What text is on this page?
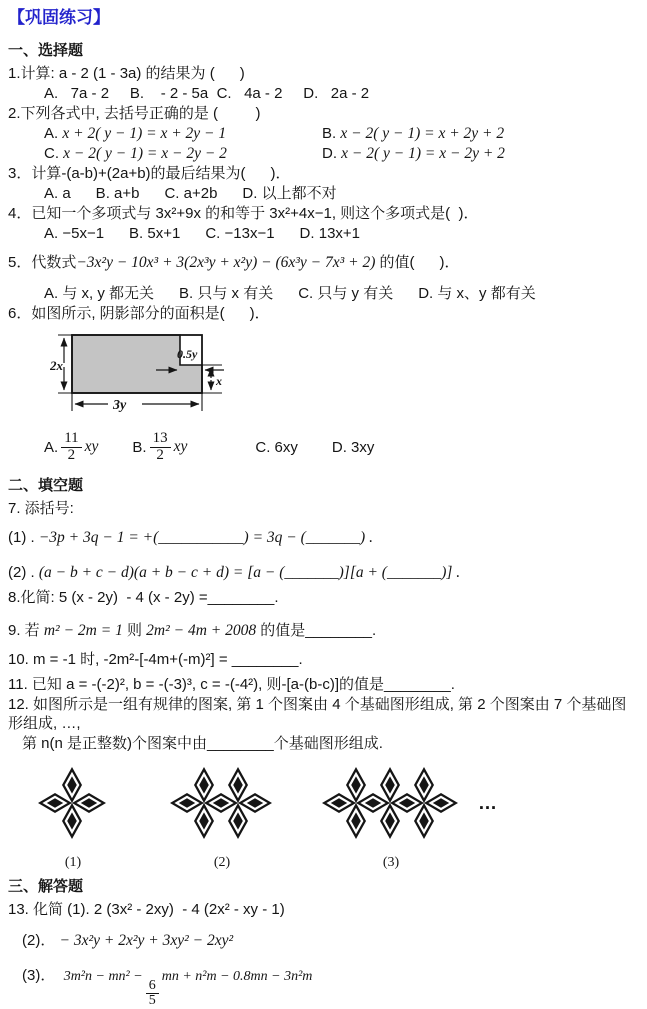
【巩固练习】
一、选择题
1.计算: a - 2 (1 - 3a) 的结果为 (      )
A.   7a - 2     B.    - 2 - 5a  C.   4a - 2     D.   2a - 2
2.下列各式中, 去括号正确的是 (         )
A. x + 2( y − 1) = x + 2y − 1	B. x − 2( y − 1) = x + 2y + 2
C. x − 2( y − 1) = x − 2y − 2	D. x − 2( y − 1) = x − 2y + 2
3．计算-(a-b)+(2a+b)的最后结果为(      )．
A. a      B. a+b      C. a+2b      D. 以上都不对
4．已知一个多项式与 3x²+9x 的和等于 3x²+4x−1, 则这个多项式是(  )．
A. −5x−1      B. 5x+1      C. −13x−1      D. 13x+1
5．代数式−3x²y − 10x³ + 3(2x³y + x²y) − (6x³y − 7x³ + 2) 的值(      )．
A. 与 x, y 都无关      B. 只与 x 有关      C. 只与 y 有关      D. 与 x、y 都有关
6．如图所示, 阴影部分的面积是(      )．
2x
0.5y
x
3y
A. $\frac{11}{2}$ xy B. $\frac{13}{2}$ xy	C. 6xy D. 3xy
二、填空题
7. 添括号:
(1) . −3p + 3q − 1 = +(___________) = 3q − (_______) .
(2) . (a − b + c − d)(a + b − c + d) = [a − (_______)][a + (_______)] .
8.化简: 5 (x - 2y)  - 4 (x - 2y) =________.
9. 若 m² − 2m = 1 则 2m² − 4m + 2008 的值是________.
10. m = -1 时, -2m²-[-4m+(-m)²] = ________.
11. 已知 a = -(-2)², b = -(-3)³, c = -(-4²), 则-[a-(b-c)]的值是________.
12. 如图所示是一组有规律的图案, 第 1 个图案由 4 个基础图形组成, 第 2 个图案由 7 个基础图形组成, …,
第 n(n 是正整数)个图案中由________个基础图形组成.
(1)	(2)	(3)
…
三、解答题
13. 化简 (1). 2 (3x² - 2xy)  - 4 (2x² - xy - 1)
(2)． − 3x²y + 2x²y + 3xy² − 2xy²
(3)． 3m²n − mn² −
$\frac{6}{5}$
mn + n²m − 0.8mn − 3n²m
